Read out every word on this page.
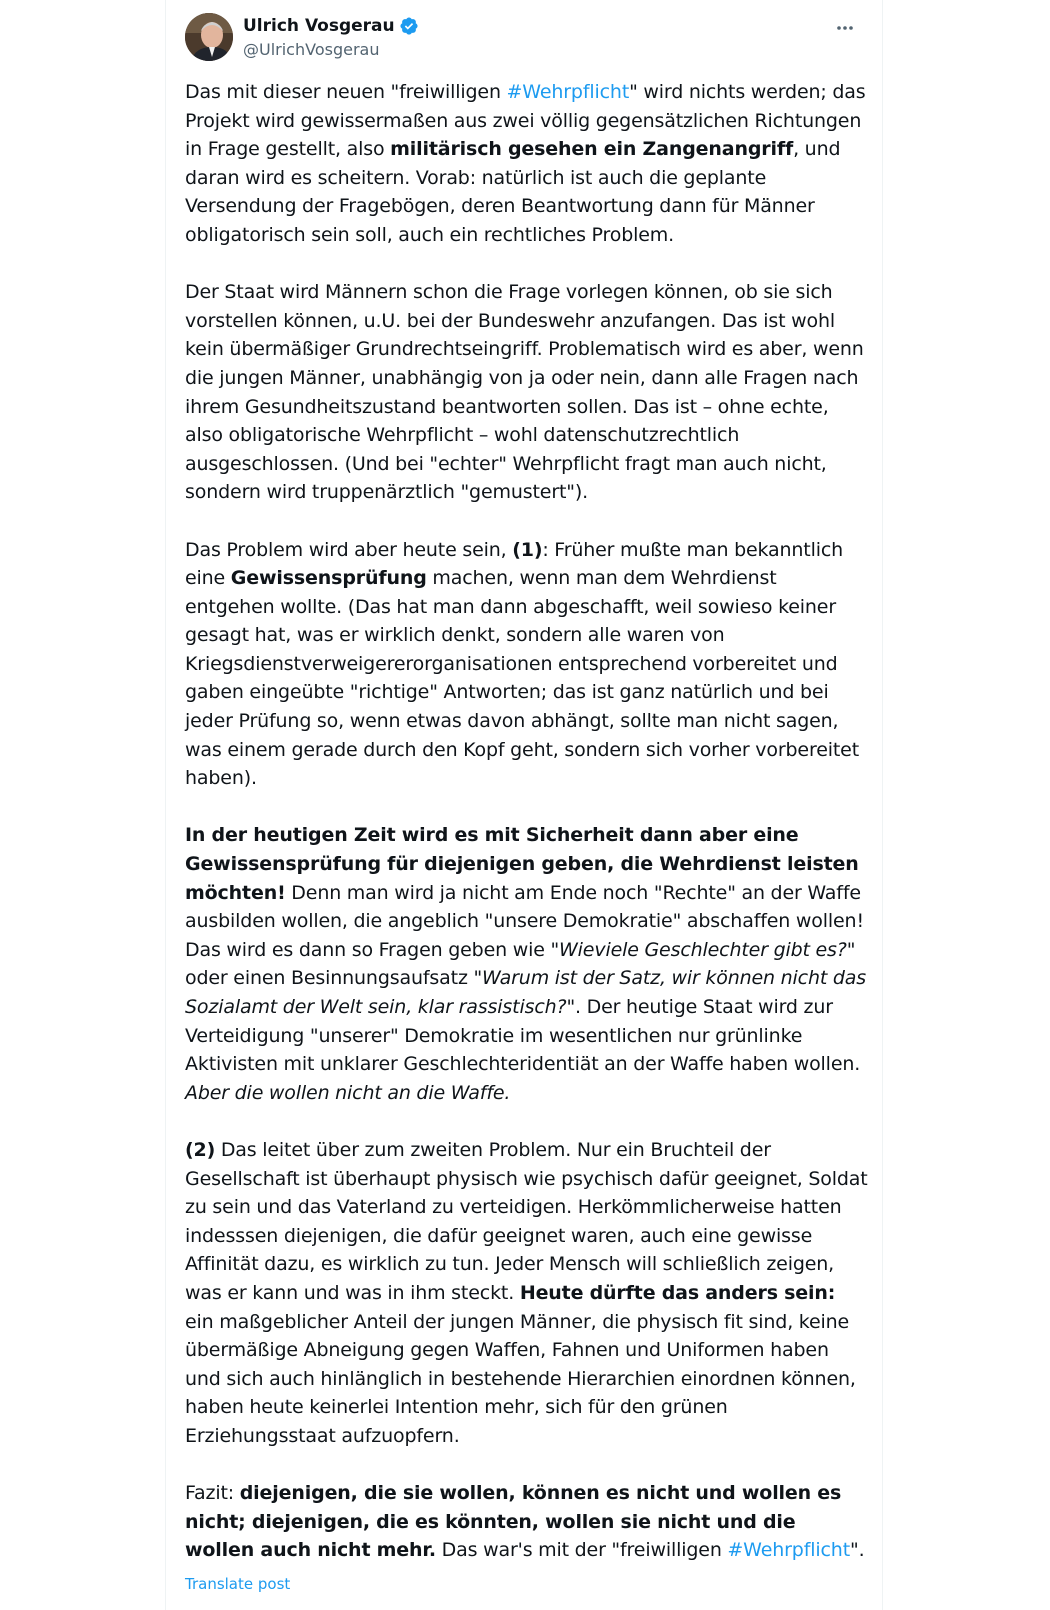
Ulrich Vosgerau
@UlrichVosgerau

Das mit dieser neuen "freiwilligen #Wehrpflicht" wird nichts werden; das Projekt wird gewissermaßen aus zwei völlig gegensätzlichen Richtungen in Frage gestellt, also militärisch gesehen ein Zangenangriff, und daran wird es scheitern. Vorab: natürlich ist auch die geplante Versendung der Fragebögen, deren Beantwortung dann für Männer obligatorisch sein soll, auch ein rechtliches Problem.

Der Staat wird Männern schon die Frage vorlegen können, ob sie sich vorstellen können, u.U. bei der Bundeswehr anzufangen. Das ist wohl kein übermäßiger Grundrechtseingriff. Problematisch wird es aber, wenn die jungen Männer, unabhängig von ja oder nein, dann alle Fragen nach ihrem Gesundheitszustand beantworten sollen. Das ist – ohne echte, also obligatorische Wehrpflicht – wohl datenschutzrechtlich ausgeschlossen. (Und bei "echter" Wehrpflicht fragt man auch nicht, sondern wird truppenärztlich "gemustert").

Das Problem wird aber heute sein, (1): Früher mußte man bekanntlich eine Gewissensprüfung machen, wenn man dem Wehrdienst entgehen wollte. (Das hat man dann abgeschafft, weil sowieso keiner gesagt hat, was er wirklich denkt, sondern alle waren von Kriegsdienstverweigererorganisationen entsprechend vorbereitet und gaben eingeübte "richtige" Antworten; das ist ganz natürlich und bei jeder Prüfung so, wenn etwas davon abhängt, sollte man nicht sagen, was einem gerade durch den Kopf geht, sondern sich vorher vorbereitet haben).

In der heutigen Zeit wird es mit Sicherheit dann aber eine Gewissensprüfung für diejenigen geben, die Wehrdienst leisten möchten! Denn man wird ja nicht am Ende noch "Rechte" an der Waffe ausbilden wollen, die angeblich "unsere Demokratie" abschaffen wollen! Das wird es dann so Fragen geben wie "Wieviele Geschlechter gibt es?" oder einen Besinnungsaufsatz "Warum ist der Satz, wir können nicht das Sozialamt der Welt sein, klar rassistisch?". Der heutige Staat wird zur Verteidigung "unserer" Demokratie im wesentlichen nur grünlinke Aktivisten mit unklarer Geschlechteridentiät an der Waffe haben wollen. Aber die wollen nicht an die Waffe.

(2) Das leitet über zum zweiten Problem. Nur ein Bruchteil der Gesellschaft ist überhaupt physisch wie psychisch dafür geeignet, Soldat zu sein und das Vaterland zu verteidigen. Herkömmlicherweise hatten indesssen diejenigen, die dafür geeignet waren, auch eine gewisse Affinität dazu, es wirklich zu tun. Jeder Mensch will schließlich zeigen, was er kann und was in ihm steckt. Heute dürfte das anders sein: ein maßgeblicher Anteil der jungen Männer, die physisch fit sind, keine übermäßige Abneigung gegen Waffen, Fahnen und Uniformen haben und sich auch hinlänglich in bestehende Hierarchien einordnen können, haben heute keinerlei Intention mehr, sich für den grünen Erziehungsstaat aufzuopfern.

Fazit: diejenigen, die sie wollen, können es nicht und wollen es nicht; diejenigen, die es könnten, wollen sie nicht und die wollen auch nicht mehr. Das war's mit der "freiwilligen #Wehrpflicht".

Translate post
